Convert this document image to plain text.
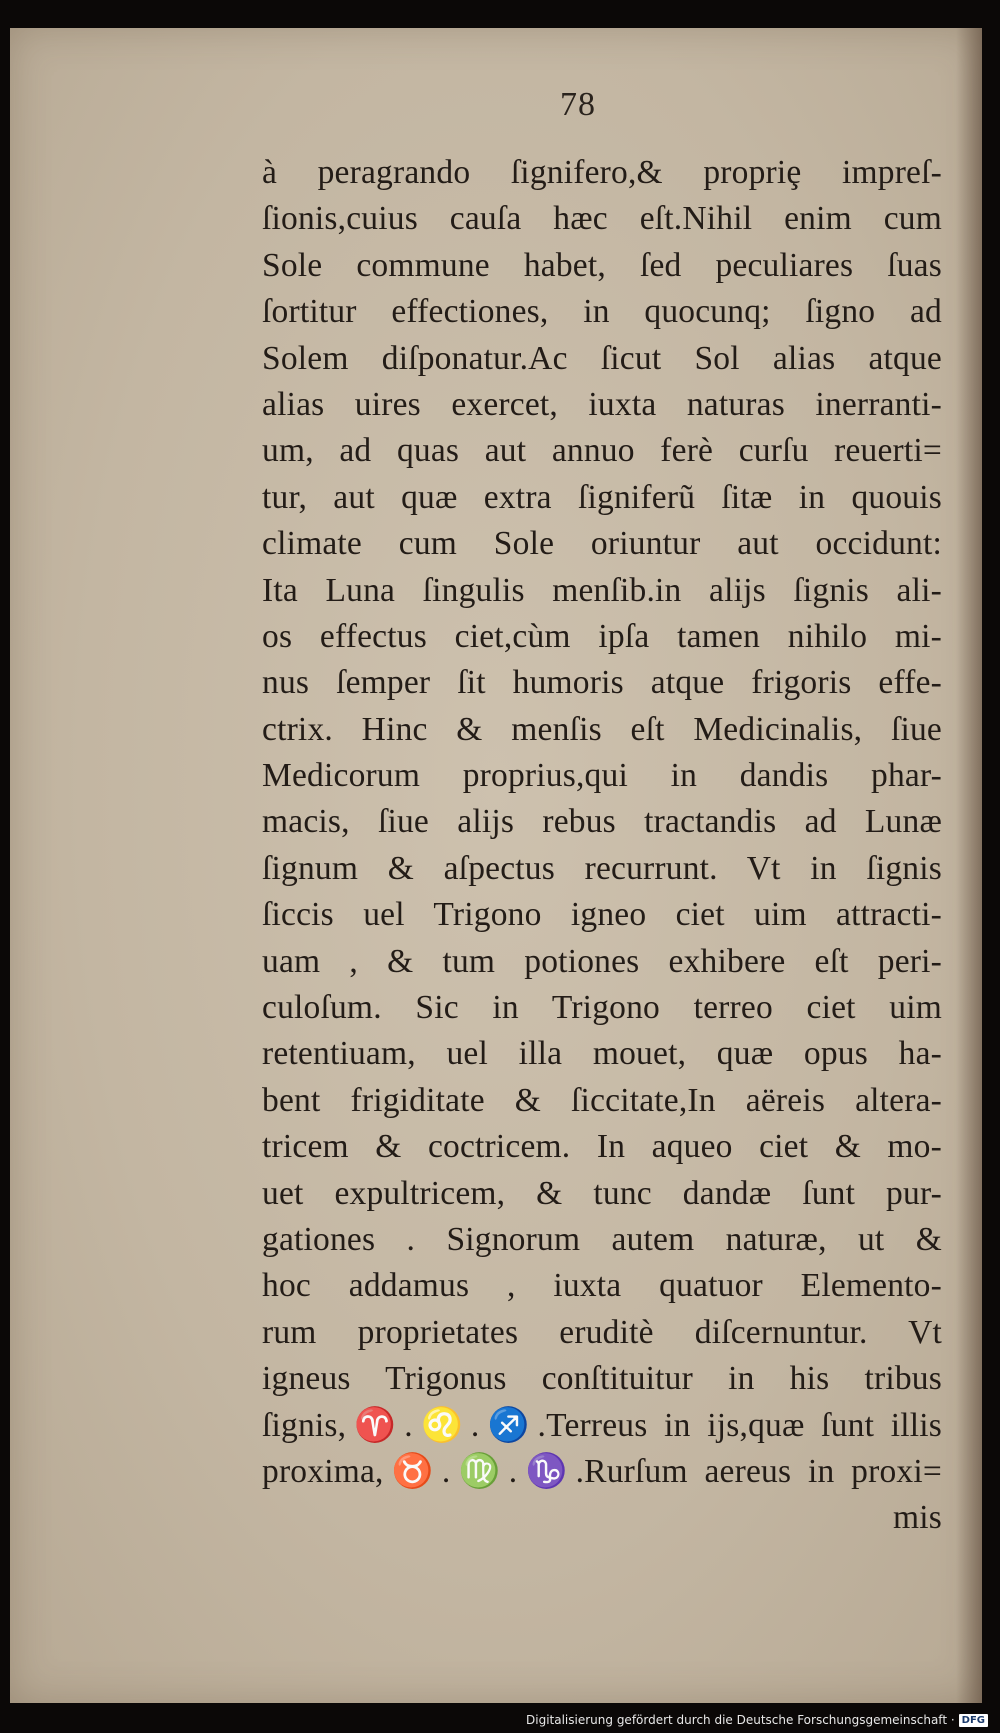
78
à peragrando ſignifero,& propriȩ impreſ-
ſionis,cuius cauſa hæc eſt.Nihil enim cum
Sole commune habet, ſed peculiares ſuas
ſortitur effectiones, in quocunq; ſigno ad
Solem diſponatur.Ac ſicut Sol alias atque
alias uires exercet, iuxta naturas inerranti-
um, ad quas aut annuo ferè curſu reuerti=
tur, aut quæ extra ſigniferũ ſitæ in quouis
climate cum Sole oriuntur aut occidunt:
Ita Luna ſingulis menſib.in alijs ſignis ali-
os effectus ciet,cùm ipſa tamen nihilo mi-
nus ſemper ſit humoris atque frigoris effe-
ctrix. Hinc & menſis eſt Medicinalis, ſiue
Medicorum proprius,qui in dandis phar-
macis, ſiue alijs rebus tractandis ad Lunæ
ſignum & aſpectus recurrunt. Vt in ſignis
ſiccis uel Trigono igneo ciet uim attracti-
uam , & tum potiones exhibere eſt peri-
culoſum. Sic in Trigono terreo ciet uim
retentiuam, uel illa mouet, quæ opus ha-
bent frigiditate & ſiccitate,In aëreis altera-
tricem & coctricem. In aqueo ciet & mo-
uet expultricem, & tunc dandæ ſunt pur-
gationes . Signorum autem naturæ, ut &
hoc addamus , iuxta quatuor Elemento-
rum proprietates eruditè diſcernuntur. Vt
igneus Trigonus conſtituitur in his tribus
ſignis,♈.♌.♐.Terreus in ijs,quæ ſunt illis
proxima,♉.♍.♑.Rurſum aereus in proxi=
mis
Digitalisierung gefördert durch die Deutsche Forschungsgemeinschaft · DFG
